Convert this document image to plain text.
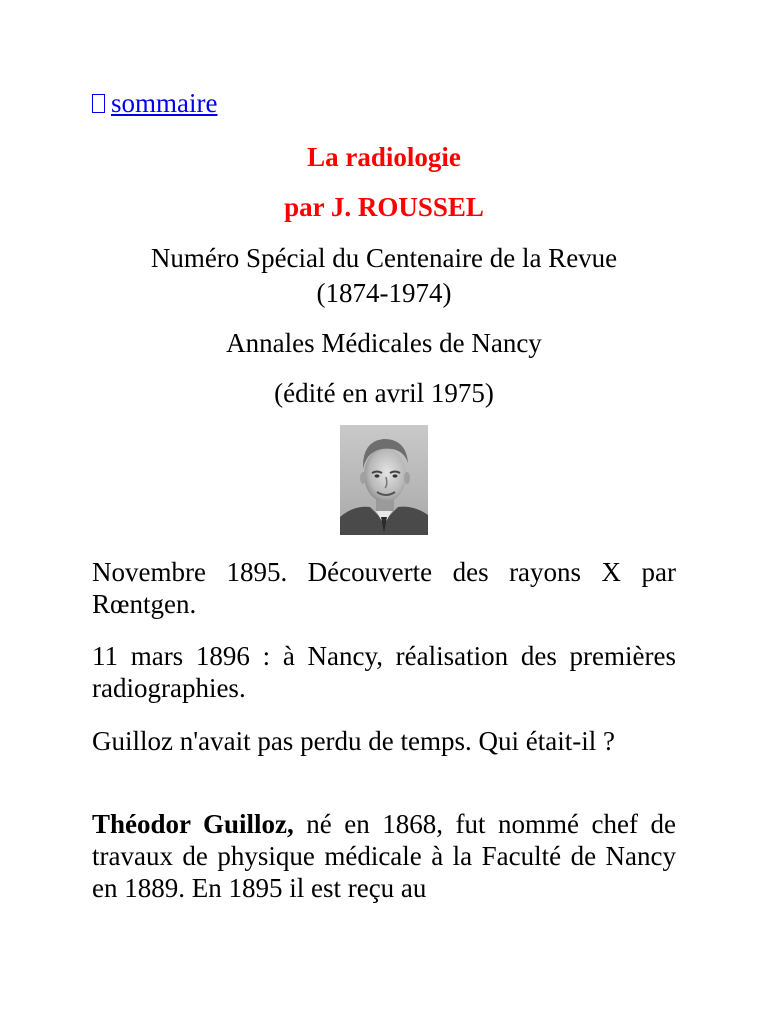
sommaire
La radiologie
par J. ROUSSEL
Numéro Spécial du Centenaire de la Revue
(1874-1974)
Annales Médicales de Nancy
(édité en avril 1975)
Novembre 1895. Découverte des rayons X par Rœntgen.
11 mars 1896 : à Nancy, réalisation des premières radiographies.
Guilloz n'avait pas perdu de temps. Qui était-il ?
Théodor Guilloz, né en 1868, fut nommé chef de travaux de physique médicale à la Faculté de Nancy en 1889. En 1895 il est reçu au
